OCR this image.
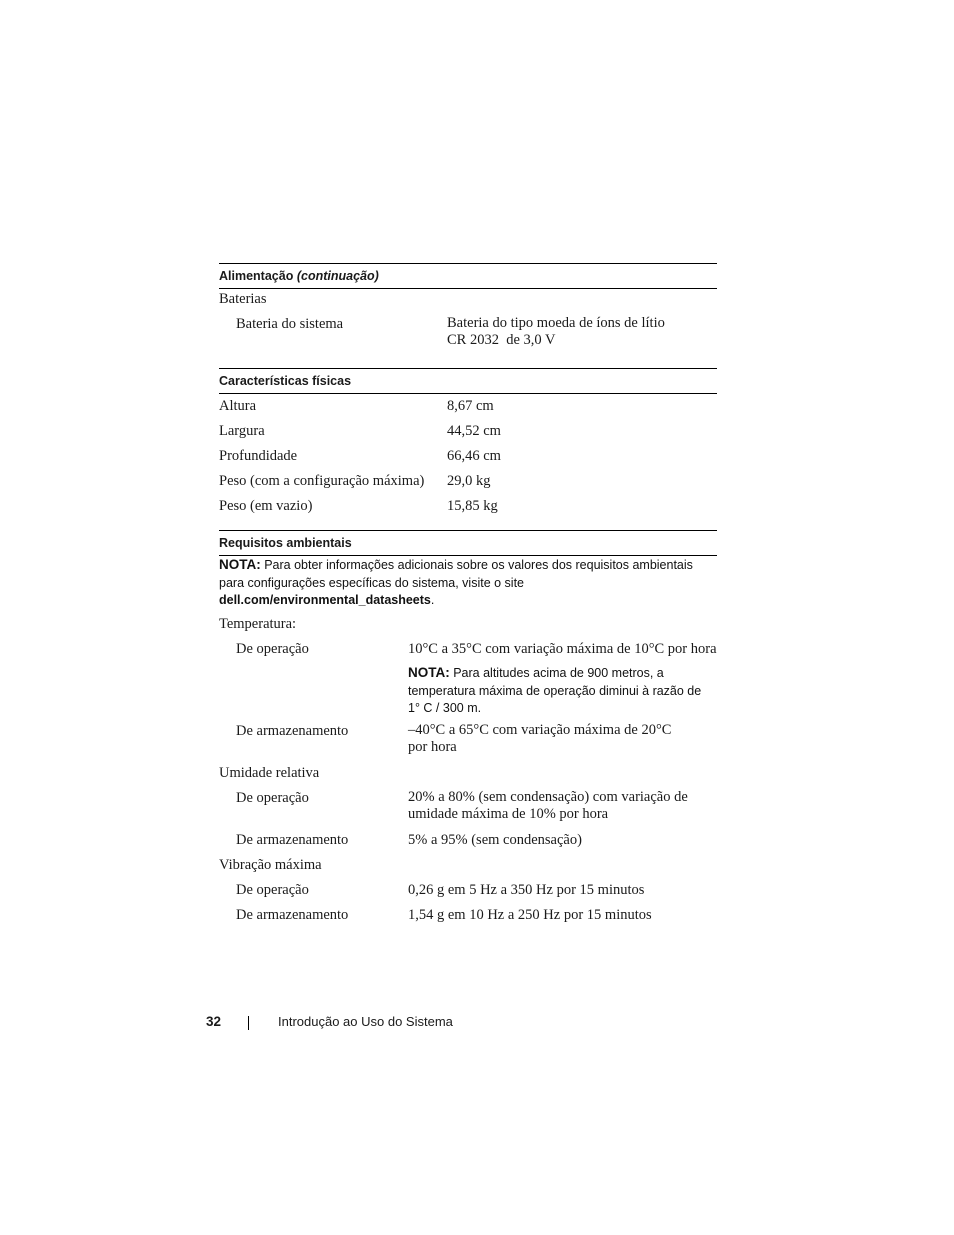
Alimentação (continuação)
Baterias
Bateria do sistema	Bateria do tipo moeda de íons de lítio
CR 2032  de 3,0 V
Características físicas
Altura	8,67 cm
Largura	44,52 cm
Profundidade	66,46 cm
Peso (com a configuração máxima) 29,0 kg
Peso (em vazio)	15,85 kg
Requisitos ambientais
NOTA: Para obter informações adicionais sobre os valores dos requisitos ambientais
para configurações específicas do sistema, visite o site
dell.com/environmental_datasheets.
Temperatura:
De operação	10°C a 35°C com variação máxima de 10°C por hora
NOTA: Para altitudes acima de 900 metros, a
temperatura máxima de operação diminui à razão de
1° C / 300 m.
De armazenamento	–40°C a 65°C com variação máxima de 20°C
por hora
Umidade relativa
De operação	20% a 80% (sem condensação) com variação de
umidade máxima de 10% por hora
De armazenamento	5% a 95% (sem condensação)
Vibração máxima
De operação	0,26 g em 5 Hz a 350 Hz por 15 minutos
De armazenamento	1,54 g em 10 Hz a 250 Hz por 15 minutos
32	Introdução ao Uso do Sistema
